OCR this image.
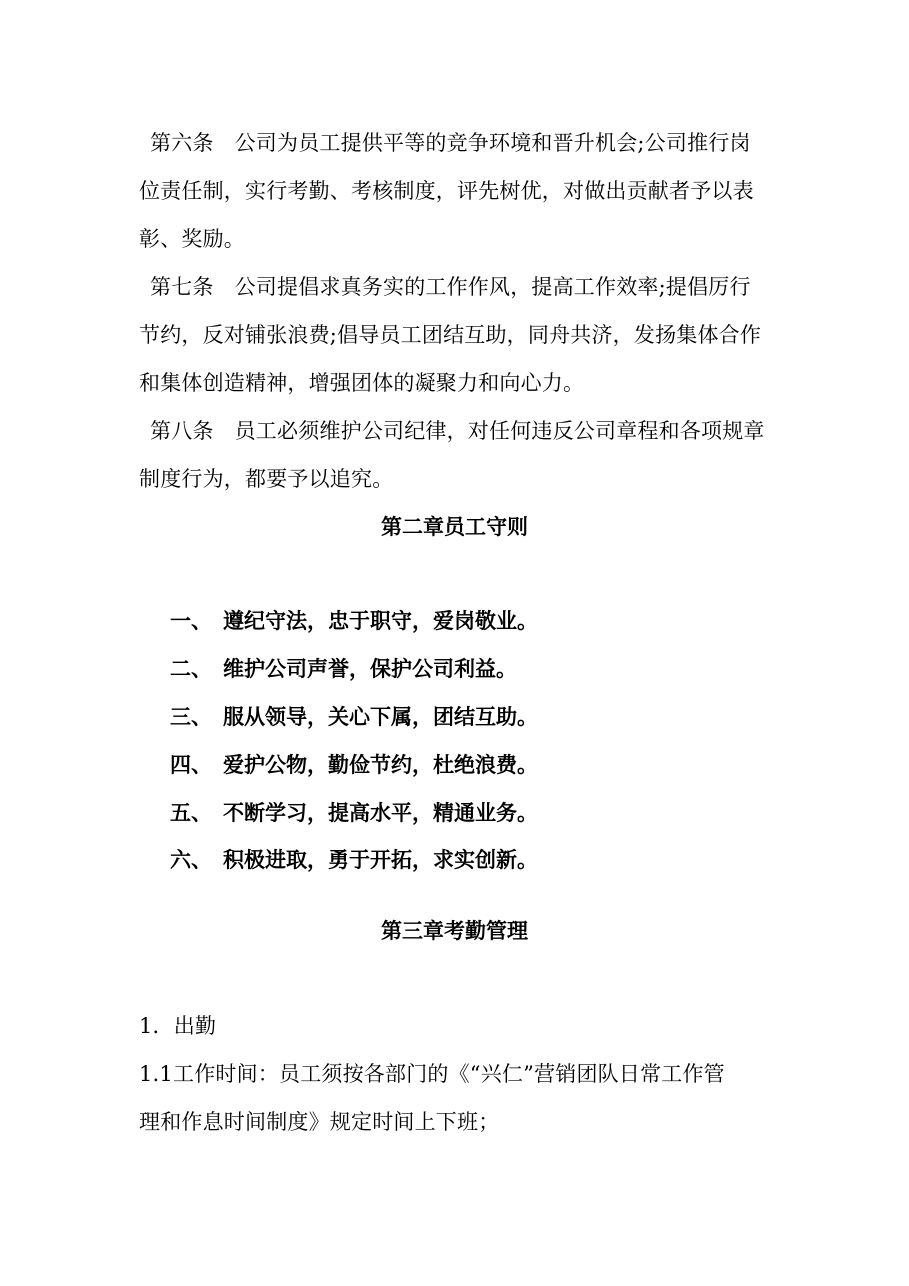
第六条 公司为员工提供平等的竞争环境和晋升机会;公司推行岗
位责任制，实行考勤、考核制度，评先树优，对做出贡献者予以表
彰、奖励。
第七条 公司提倡求真务实的工作作风，提高工作效率;提倡厉行
节约，反对铺张浪费;倡导员工团结互助，同舟共济，发扬集体合作
和集体创造精神，增强团体的凝聚力和向心力。
第八条 员工必须维护公司纪律，对任何违反公司章程和各项规章
制度行为，都要予以追究。
第二章员工守则
一、 遵纪守法，忠于职守，爱岗敬业。
二、 维护公司声誉，保护公司利益。
三、 服从领导，关心下属，团结互助。
四、 爱护公物，勤俭节约，杜绝浪费。
五、 不断学习，提高水平，精通业务。
六、 积极进取，勇于开拓，求实创新。
第三章考勤管理
1．出勤
1.1工作时间：员工须按各部门的《“兴仁”营销团队日常工作管
理和作息时间制度》规定时间上下班；
